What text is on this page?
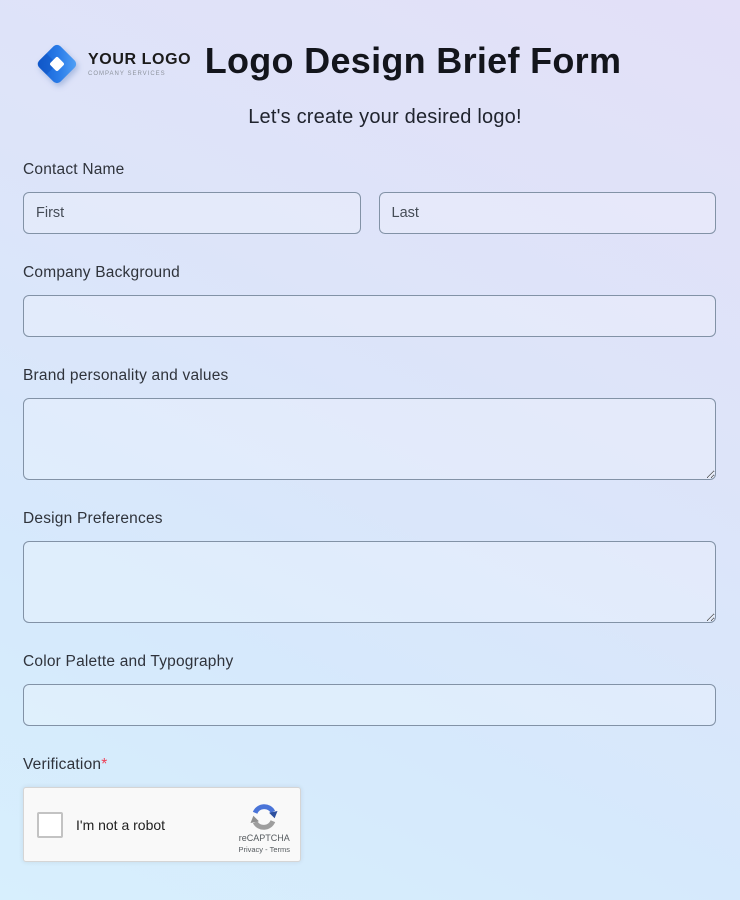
YOUR LOGO
COMPANY SERVICES	Logo Design Brief Form
Let's create your desired logo!
Contact Name
First
Last
Company Background
Brand personality and values
Design Preferences
Color Palette and Typography
Verification*
I'm not a robot
reCAPTCHA
Privacy - Terms
